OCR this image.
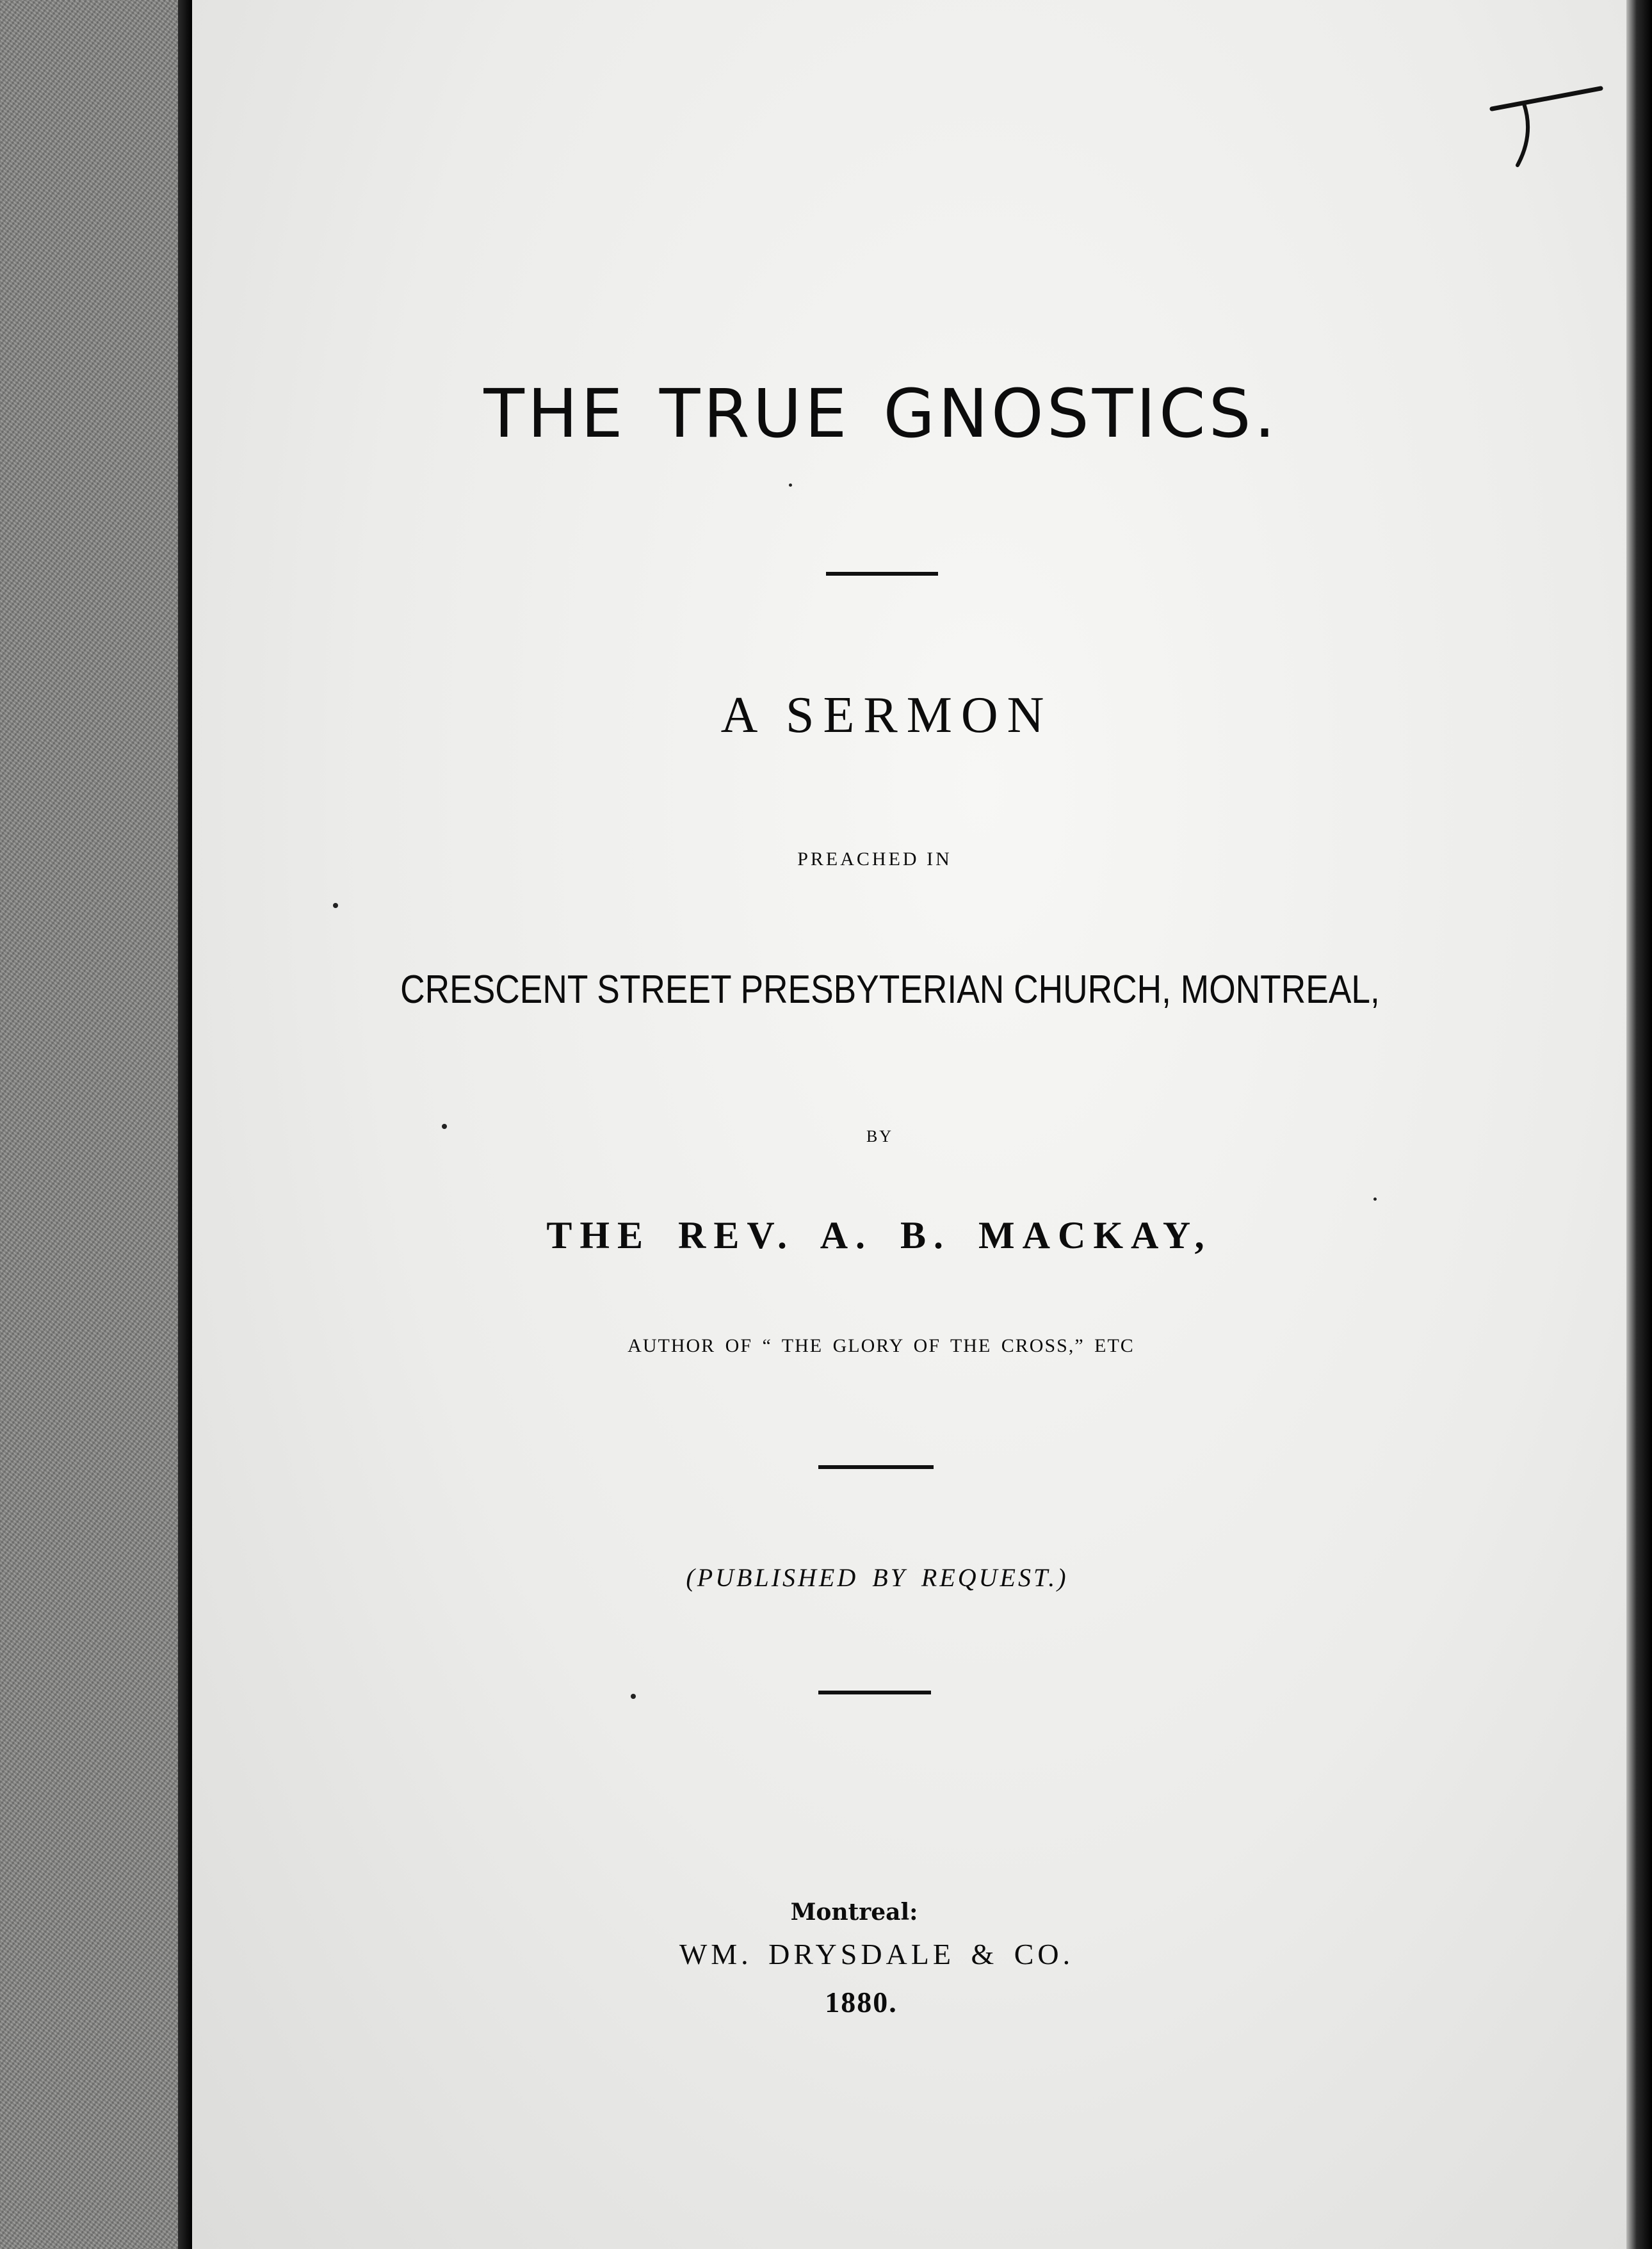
THE TRUE GNOSTICS.
A SERMON
PREACHED IN
CRESCENT STREET PRESBYTERIAN CHURCH, MONTREAL,
BY
THE REV. A. B. MACKAY,
AUTHOR OF “ THE GLORY OF THE CROSS,” ETC
(PUBLISHED BY REQUEST.)
Montreal:
WM. DRYSDALE & CO.
1880.
